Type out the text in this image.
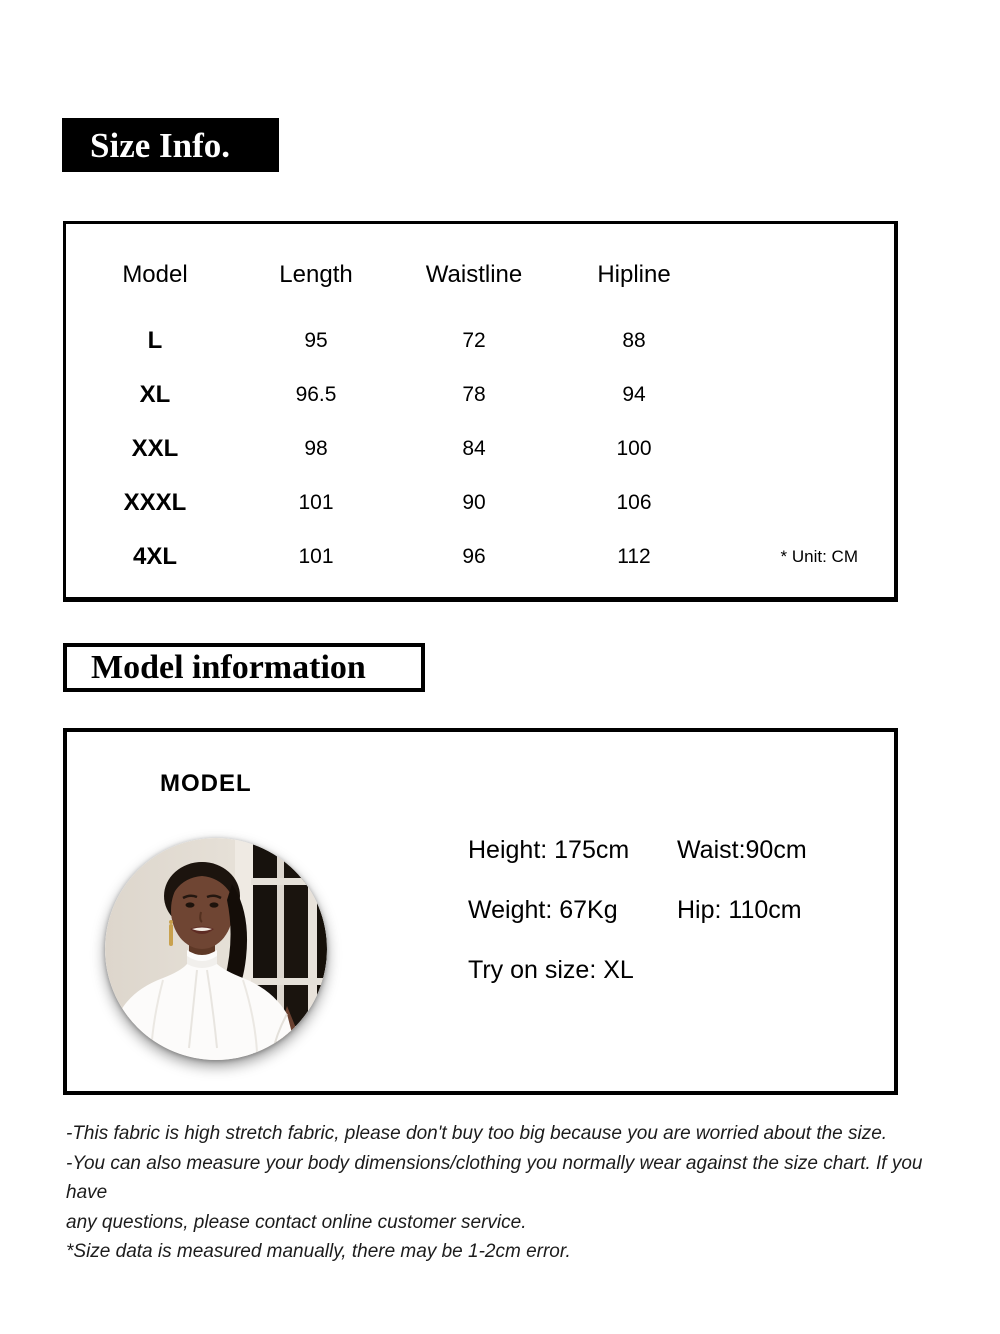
Size Info.
Model	Length	Waistline	Hipline
L	95	72	88
XL	96.5	78	94
XXL	98	84	100
XXXL	101	90	106
4XL	101	96	112	* Unit: CM
Model information
MODEL
Height: 175cm Waist:90cm
Weight: 67Kg Hip: 110cm
Try on size: XL
-This fabric is high stretch fabric, please don't buy too big because you are worried about the size.
-You can also measure your body dimensions/clothing you normally wear against the size chart. If you have
any questions, please contact online customer service.
*Size data is measured manually, there may be 1-2cm error.
